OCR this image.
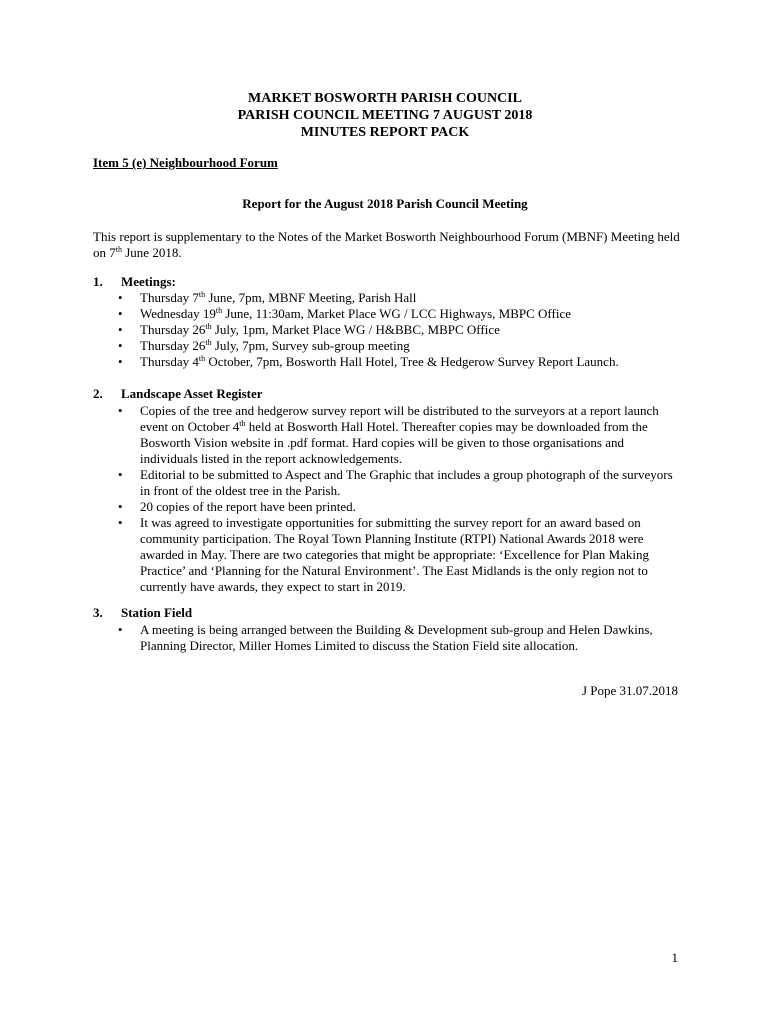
MARKET BOSWORTH PARISH COUNCIL
PARISH COUNCIL MEETING 7 AUGUST 2018
MINUTES REPORT PACK
Item 5 (e) Neighbourhood Forum
Report for the August 2018 Parish Council Meeting
This report is supplementary to the Notes of the Market Bosworth Neighbourhood Forum (MBNF) Meeting held on 7th June 2018.
1. Meetings:
• Thursday 7th June, 7pm, MBNF Meeting, Parish Hall
• Wednesday 19th June, 11:30am, Market Place WG / LCC Highways, MBPC Office
• Thursday 26th July, 1pm, Market Place WG / H&BBC, MBPC Office
• Thursday 26th July, 7pm, Survey sub-group meeting
• Thursday 4th October, 7pm, Bosworth Hall Hotel, Tree & Hedgerow Survey Report Launch.
2. Landscape Asset Register
• Copies of the tree and hedgerow survey report will be distributed to the surveyors at a report launch event on October 4th held at Bosworth Hall Hotel. Thereafter copies may be downloaded from the Bosworth Vision website in .pdf format. Hard copies will be given to those organisations and individuals listed in the report acknowledgements.
• Editorial to be submitted to Aspect and The Graphic that includes a group photograph of the surveyors in front of the oldest tree in the Parish.
• 20 copies of the report have been printed.
• It was agreed to investigate opportunities for submitting the survey report for an award based on community participation. The Royal Town Planning Institute (RTPI) National Awards 2018 were awarded in May. There are two categories that might be appropriate: ‘Excellence for Plan Making Practice’ and ‘Planning for the Natural Environment’. The East Midlands is the only region not to currently have awards, they expect to start in 2019.
3. Station Field
• A meeting is being arranged between the Building & Development sub-group and Helen Dawkins, Planning Director, Miller Homes Limited to discuss the Station Field site allocation.
J Pope 31.07.2018
1
